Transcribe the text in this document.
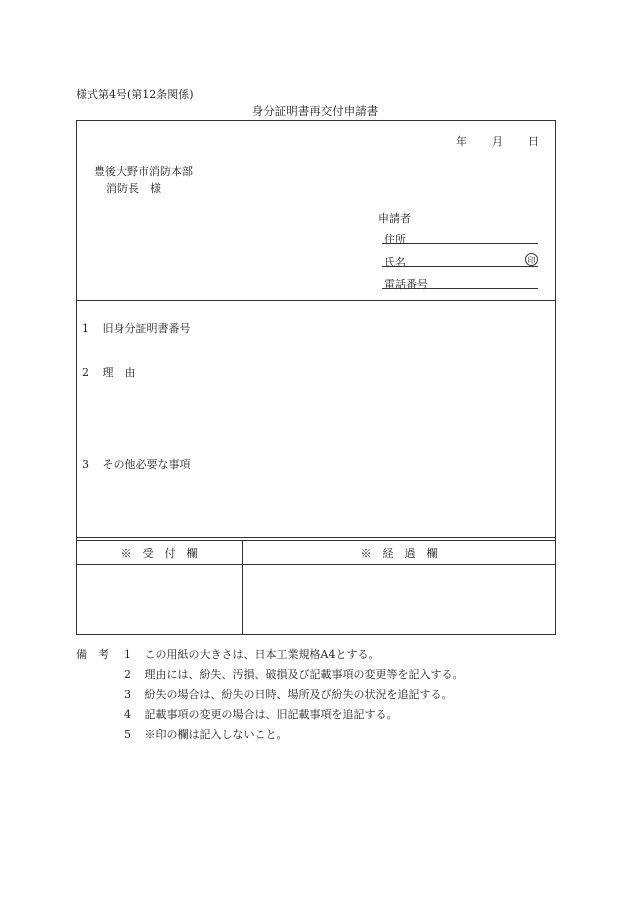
様式第4号(第12条関係)
身分証明書再交付申請書
年 月 日
豊後大野市消防本部
消防長　様
申請者
住所
氏名	印
電話番号
1 旧身分証明書番号
2 理　由
3 その他必要な事項
※　受　付　欄	※　経　過　欄
備　考 1 この用紙の大きさは、日本工業規格A4とする。
2 理由には、紛失、汚損、破損及び記載事項の変更等を記入する。
3 紛失の場合は、紛失の日時、場所及び紛失の状況を追記する。
4 記載事項の変更の場合は、旧記載事項を追記する。
5 ※印の欄は記入しないこと。
